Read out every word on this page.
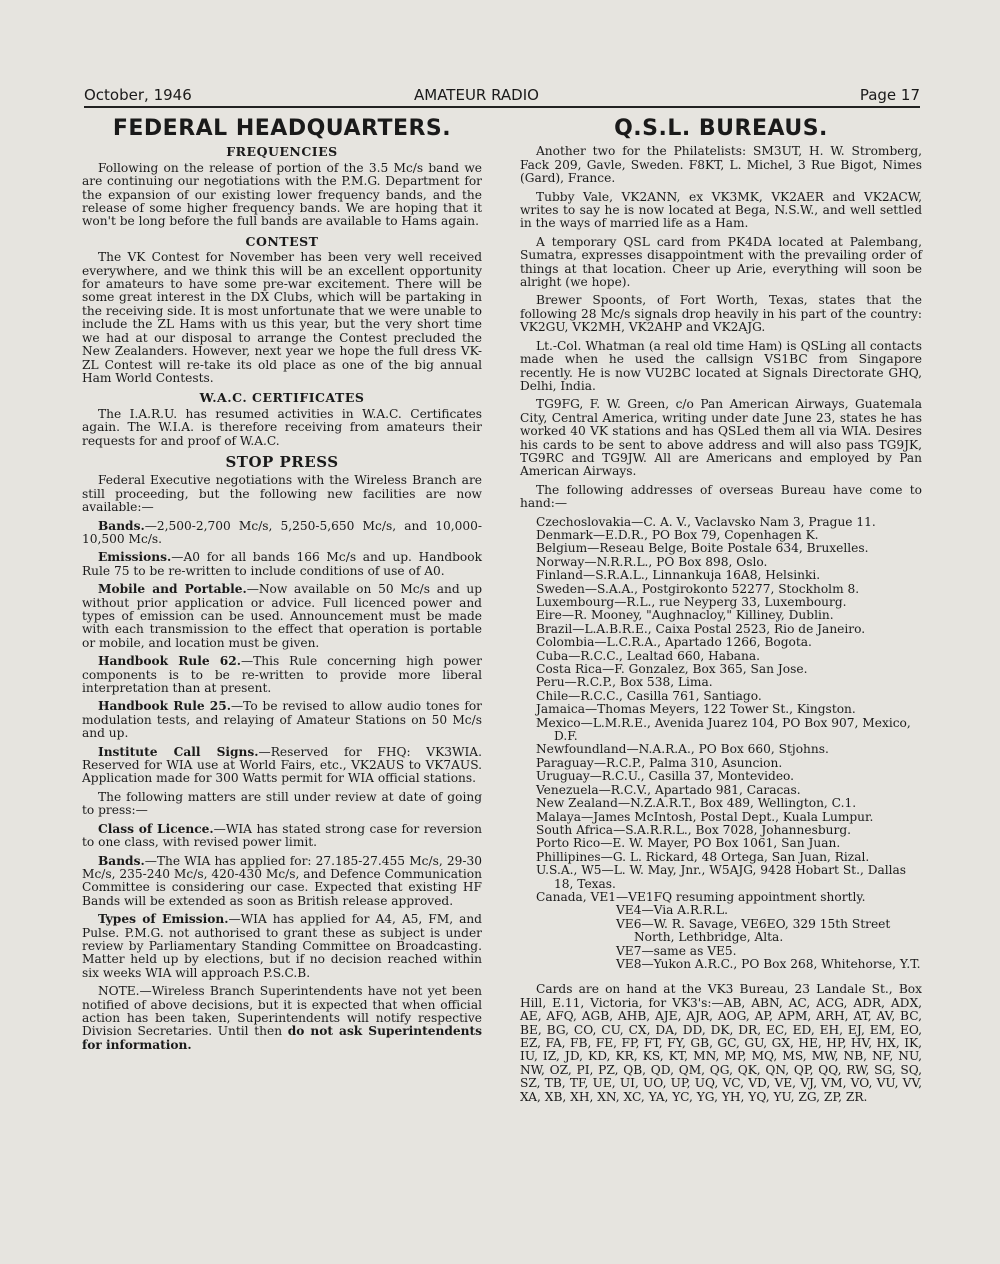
October, 1946	AMATEUR RADIO	Page 17
FEDERAL HEADQUARTERS.
FREQUENCIES

Following on the release of portion of the 3.5 Mc/s band we are continuing our negotiations with the P.M.G. Department for the expansion of our existing lower frequency bands, and the release of some higher frequency bands. We are hoping that it won't be long before the full bands are available to Hams again.

CONTEST

The VK Contest for November has been very well received everywhere, and we think this will be an excellent opportunity for amateurs to have some pre-war excitement. There will be some great interest in the DX Clubs, which will be partaking in the receiving side. It is most unfortunate that we were unable to include the ZL Hams with us this year, but the very short time we had at our disposal to arrange the Contest precluded the New Zealanders. However, next year we hope the full dress VK-ZL Contest will re-take its old place as one of the big annual Ham World Contests.

W.A.C. CERTIFICATES

The I.A.R.U. has resumed activities in W.A.C. Certificates again. The W.I.A. is therefore receiving from amateurs their requests for and proof of W.A.C.

STOP PRESS

Federal Executive negotiations with the Wireless Branch are still proceeding, but the following new facilities are now available:—

Bands.—2,500-2,700 Mc/s, 5,250-5,650 Mc/s, and 10,000-10,500 Mc/s.

Emissions.—A0 for all bands 166 Mc/s and up. Handbook Rule 75 to be re-written to include conditions of use of A0.

Mobile and Portable.—Now available on 50 Mc/s and up without prior application or advice. Full licenced power and types of emission can be used. Announcement must be made with each transmission to the effect that operation is portable or mobile, and location must be given.

Handbook Rule 62.—This Rule concerning high power components is to be re-written to provide more liberal interpretation than at present.

Handbook Rule 25.—To be revised to allow audio tones for modulation tests, and relaying of Amateur Stations on 50 Mc/s and up.

Institute Call Signs.—Reserved for FHQ: VK3WIA. Reserved for WIA use at World Fairs, etc., VK2AUS to VK7AUS. Application made for 300 Watts permit for WIA official stations.

The following matters are still under review at date of going to press:—

Class of Licence.—WIA has stated strong case for reversion to one class, with revised power limit.

Bands.—The WIA has applied for: 27.185-27.455 Mc/s, 29-30 Mc/s, 235-240 Mc/s, 420-430 Mc/s, and Defence Communication Committee is considering our case. Expected that existing HF Bands will be extended as soon as British release approved.

Types of Emission.—WIA has applied for A4, A5, FM, and Pulse. P.M.G. not authorised to grant these as subject is under review by Parliamentary Standing Committee on Broadcasting. Matter held up by elections, but if no decision reached within six weeks WIA will approach P.S.C.B.

NOTE.—Wireless Branch Superintendents have not yet been notified of above decisions, but it is expected that when official action has been taken, Superintendents will notify respective Division Secretaries. Until then do not ask Superintendents for information.

Q.S.L. BUREAUS.

Another two for the Philatelists: SM3UT, H. W. Stromberg, Fack 209, Gavle, Sweden. F8KT, L. Michel, 3 Rue Bigot, Nimes (Gard), France.

Tubby Vale, VK2ANN, ex VK3MK, VK2AER and VK2ACW, writes to say he is now located at Bega, N.S.W., and well settled in the ways of married life as a Ham.

A temporary QSL card from PK4DA located at Palembang, Sumatra, expresses disappointment with the prevailing order of things at that location. Cheer up Arie, everything will soon be alright (we hope).

Brewer Spoonts, of Fort Worth, Texas, states that the following 28 Mc/s signals drop heavily in his part of the country: VK2GU, VK2MH, VK2AHP and VK2AJG.

Lt.-Col. Whatman (a real old time Ham) is QSLing all contacts made when he used the callsign VS1BC from Singapore recently. He is now VU2BC located at Signals Directorate GHQ, Delhi, India.

TG9FG, F. W. Green, c/o Pan American Airways, Guatemala City, Central America, writing under date June 23, states he has worked 40 VK stations and has QSLed them all via WIA. Desires his cards to be sent to above address and will also pass TG9JK, TG9RC and TG9JW. All are Americans and employed by Pan American Airways.

The following addresses of overseas Bureau have come to hand:—

Czechoslovakia—C. A. V., Vaclavsko Nam 3, Prague 11.
Denmark—E.D.R., PO Box 79, Copenhagen K.
Belgium—Reseau Belge, Boite Postale 634, Bruxelles.
Norway—N.R.R.L., PO Box 898, Oslo.
Finland—S.R.A.L., Linnankuja 16A8, Helsinki.
Sweden—S.A.A., Postgirokonto 52277, Stockholm 8.
Luxembourg—R.L., rue Neyperg 33, Luxembourg.
Eire—R. Mooney, "Aughnacloy," Killiney, Dublin.
Brazil—L.A.B.R.E., Caixa Postal 2523, Rio de Janeiro.
Colombia—L.C.R.A., Apartado 1266, Bogota.
Cuba—R.C.C., Lealtad 660, Habana.
Costa Rica—F. Gonzalez, Box 365, San Jose.
Peru—R.C.P., Box 538, Lima.
Chile—R.C.C., Casilla 761, Santiago.
Jamaica—Thomas Meyers, 122 Tower St., Kingston.
Mexico—L.M.R.E., Avenida Juarez 104, PO Box 907, Mexico, D.F.
Newfoundland—N.A.R.A., PO Box 660, Stjohns.
Paraguay—R.C.P., Palma 310, Asuncion.
Uruguay—R.C.U., Casilla 37, Montevideo.
Venezuela—R.C.V., Apartado 981, Caracas.
New Zealand—N.Z.A.R.T., Box 489, Wellington, C.1.
Malaya—James McIntosh, Postal Dept., Kuala Lumpur.
South Africa—S.A.R.R.L., Box 7028, Johannesburg.
Porto Rico—E. W. Mayer, PO Box 1061, San Juan.
Phillipines—G. L. Rickard, 48 Ortega, San Juan, Rizal.
U.S.A., W5—L. W. May, Jnr., W5AJG, 9428 Hobart St., Dallas 18, Texas.
Canada, VE1—VE1FQ resuming appointment shortly.
VE4—Via A.R.R.L.
VE6—W. R. Savage, VE6EO, 329 15th Street North, Lethbridge, Alta.
VE7—same as VE5.
VE8—Yukon A.R.C., PO Box 268, Whitehorse, Y.T.

Cards are on hand at the VK3 Bureau, 23 Landale St., Box Hill, E.11, Victoria, for VK3's:—AB, ABN, AC, ACG, ADR, ADX, AE, AFQ, AGB, AHB, AJE, AJR, AOG, AP, APM, ARH, AT, AV, BC, BE, BG, CO, CU, CX, DA, DD, DK, DR, EC, ED, EH, EJ, EM, EO, EZ, FA, FB, FE, FP, FT, FY, GB, GC, GU, GX, HE, HP, HV, HX, IK, IU, IZ, JD, KD, KR, KS, KT, MN, MP, MQ, MS, MW, NB, NF, NU, NW, OZ, PI, PZ, QB, QD, QM, QG, QK, QN, QP, QQ, RW, SG, SQ, SZ, TB, TF, UE, UI, UO, UP, UQ, VC, VD, VE, VJ, VM, VO, VU, VV, XA, XB, XH, XN, XC, YA, YC, YG, YH, YQ, YU, ZG, ZP, ZR.
